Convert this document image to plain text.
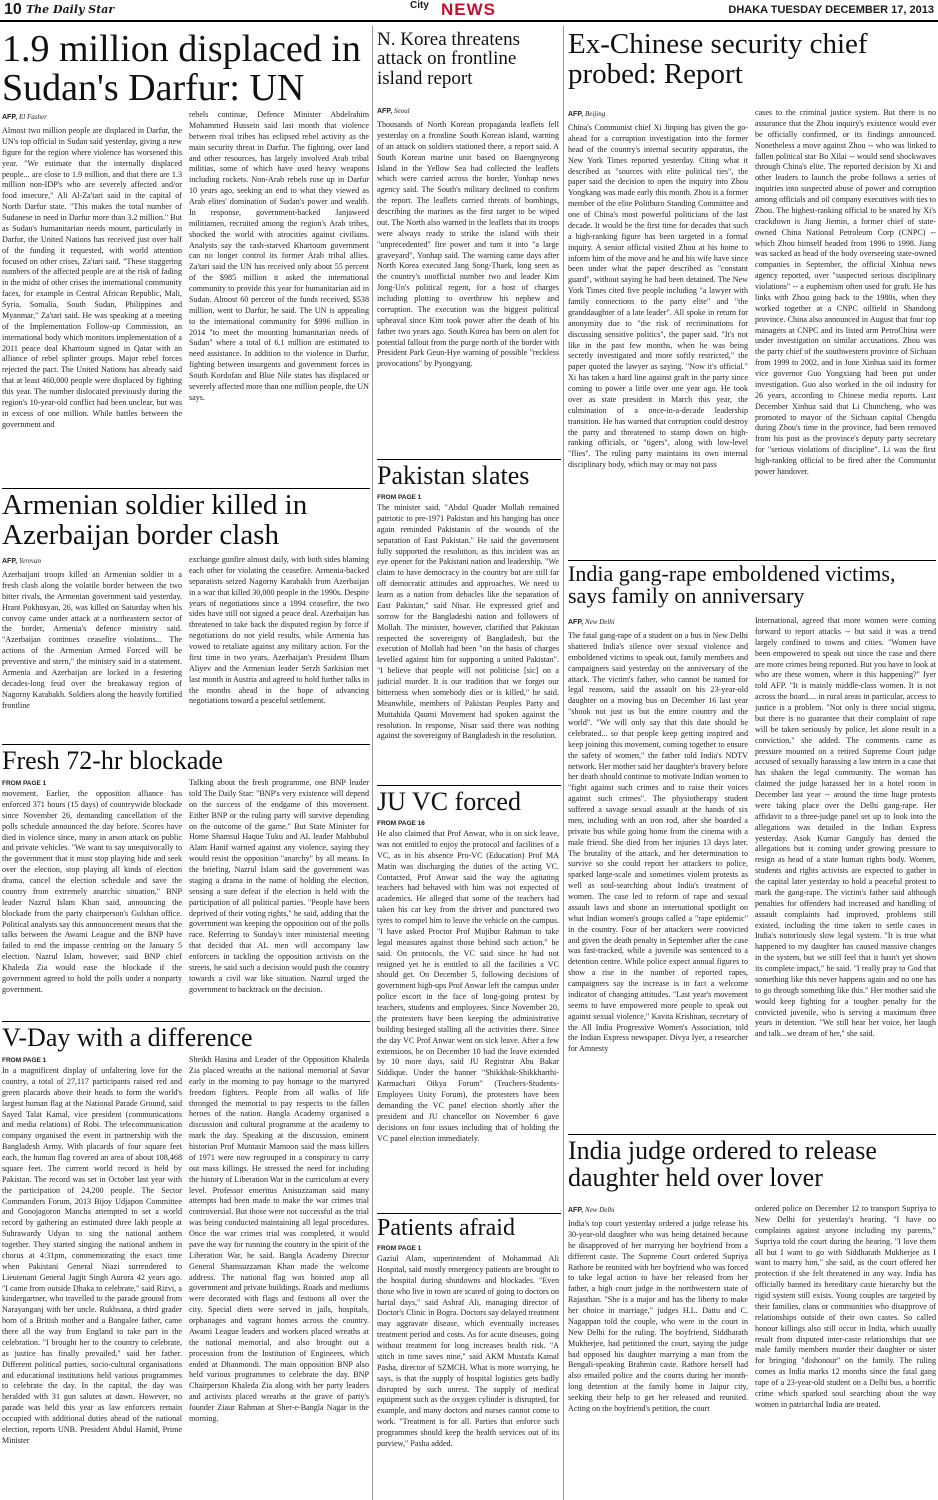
10 The Daily Star	City NEWS	DHAKA TUESDAY DECEMBER 17, 2013
1.9 million displaced in Sudan's Darfur: UN
AFP, El Fasher

Almost two million people are displaced in Darfur, the UN's top official in Sudan said yesterday, giving a new figure for the region where violence has worsened this year. "We estimate that the internally displaced people... are close to 1.9 million, and that there are 1.3 million non-IDP's who are severely affected and/or food insecure," Ali Al-Za'tari said in the capital of North Darfur state. "This makes the total number of Sudanese in need in Darfur more than 3.2 million." But as Sudan's humanitarian needs mount, particularly in Darfur, the United Nations has received just over half of the funding it requested, with world attention focused on other crises, Za'tari said. "These staggering numbers of the affected people are at the risk of fading in the midst of other crises the international community faces, for example in Central African Republic, Mali, Syria, Somalia, South Sudan, Philippines and Myanmar," Za'tari said. He was speaking at a meeting of the Implementation Follow-up Commission, an international body which monitors implementation of a 2011 peace deal Khartoum signed in Qatar with an alliance of rebel splinter groups. Major rebel forces rejected the pact. The United Nations has already said that at least 460,000 people were displaced by fighting this year. The number dislocated previously during the region's 10-year-old conflict had been unclear, but was in excess of one million. While battles between the government and

rebels continue, Defence Minister Abdelrahim Mohammed Hussein said last month that violence between rival tribes has eclipsed rebel activity as the main security threat in Darfur. The fighting, over land and other resources, has largely involved Arab tribal militias, some of which have used heavy weapons including rockets. Non-Arab rebels rose up in Darfur 10 years ago, seeking an end to what they viewed as Arab elites' domination of Sudan's power and wealth. In response, government-backed Janjaweed militiamen, recruited among the region's Arab tribes, shocked the world with atrocities against civilians. Analysts say the cash-starved Khartoum government can no longer control its former Arab tribal allies. Za'tari said the UN has received only about 55 percent of the $985 million it asked the international community to provide this year for humanitarian aid in Sudan. Almost 60 percent of the funds received, $538 million, went to Darfur, he said. The UN is appealing to the international community for $996 million in 2014 "to meet the mounting humanitarian needs of Sudan" where a total of 6.1 million are estimated to need assistance. In addition to the violence in Darfur, fighting between insurgents and government forces in South Kordofan and Blue Nile states has displaced or severely affected more than one million people, the UN says.

Armenian soldier killed in Azerbaijan border clash
AFP, Yerevan

Azerbaijani troops killed an Armenian soldier in a fresh clash along the volatile border between the two bitter rivals, the Armenian government said yesterday. Hrant Pokhosyan, 26, was killed on Saturday when his convoy came under attack at a northeastern sector of the border, Armenia's defence ministry said. "Azerbaijan continues ceasefire violations... The actions of the Armenian Armed Forced will be preventive and stern," the ministry said in a statement. Armenia and Azerbaijan are locked in a festering decades-long feud over the breakaway region of Nagorny Karabakh. Soldiers along the heavily fortified frontline

exchange gunfire almost daily, with both sides blaming each other for violating the ceasefire. Armenia-backed separatists seized Nagorny Karabakh from Azerbaijan in a war that killed 30,000 people in the 1990s. Despite years of negotiations since a 1994 ceasefire, the two sides have still not signed a peace deal. Azerbaijan has threatened to take back the disputed region by force if negotiations do not yield results, while Armenia has vowed to retaliate against any military action. For the first time in two years, Azerbaijan's President Ilham Aliyev and the Armenian leader Serzh Sarkisian met last month in Austria and agreed to hold further talks in the months ahead in the hope of advancing negotiations toward a peaceful settlement.

Fresh 72-hr blockade
FROM PAGE 1

movement. Earlier, the opposition alliance has enforced 371 hours (15 days) of countrywide blockade since November 26, demanding cancellation of the polls schedule announced the day before. Scores have died in violence since, many in arson attack on public and private vehicles. "We want to say unequivocally to the government that it must stop playing hide and seek over the election, stop playing all kinds of election drama, cancel the election schedule and save the country from extremely anarchic situation," BNP leader Nazrul Islam Khan said, announcing the blockade from the party chairperson's Gulshan office. Political analysts say this announcement means that the talks between the Awami League and the BNP have failed to end the impasse centring on the January 5 election. Nazrul Islam, however, said BNP chief Khaleda Zia would ease the blockade if the government agreed to hold the polls under a nonparty government.

Talking about the fresh programme, one BNP leader told The Daily Star: "BNP's very existence will depend on the success of the endgame of this movement. Either BNP or the ruling party will survive depending on the outcome of the game." But State Minister for Home Shamsul Haque Tuku and AL leader Mahbubul Alam Hanif warned against any violence, saying they would resist the opposition "anarchy" by all means. In the briefing, Nazrul Islam said the government was staging a drama in the name of holding the election, sensing a sure defeat if the election is held with the participation of all political parties. "People have been deprived of their voting rights," he said, adding that the government was keeping the opposition out of the polls race. Referring to Sunday's inter ministerial meeting that decided that AL men will accompany law enforcers in tackling the opposition activists on the streets, he said such a decision would push the country towards a civil war like situation. Nazrul urged the government to backtrack on the decision.

V-Day with a difference
FROM PAGE 1

In a magnificent display of unfaltering love for the country, a total of 27,117 participants raised red and green placards above their heads to form the world's largest human flag at the National Parade Ground, said Sayed Talat Kamal, vice president (communications and media relations) of Robi. The telecommunication company organised the event in partnership with the Bangladesh Army. With placards of four square feet each, the human flag covered an area of about 108,468 square feet. The current world record is held by Pakistan. The record was set in October last year with the participation of 24,200 people. The Sector Commanders Forum, 2013 Bijoy Udjapon Committee and Gonojagoron Mancha attempted to set a world record by gathering an estimated three lakh people at Suhrawardy Udyan to sing the national anthem together. They started singing the national anthem in chorus at 4:31pm, commemorating the exact time when Pakistani General Niazi surrendered to Lieutenant General Jagjit Singh Aurora 42 years ago. "I came from outside Dhaka to celebrate," said Rizvi, a kindergartner, who travelled to the parade ground from Narayanganj with her uncle. Rukhsana, a third grader born of a British mother and a Bangalee father, came there all the way from England to take part in the celebration. "I brought her to the country to celebrate, as justice has finally prevailed," said her father. Different political parties, socio-cultural organisations and educational institutions held various programmes to celebrate the day. In the capital, the day was heralded with 31 gun salutes at dawn. However, no parade was held this year as law enforcers remain occupied with additional duties ahead of the national election, reports UNB. President Abdul Hamid, Prime Minister

Sheikh Hasina and Leader of the Opposition Khaleda Zia placed wreaths at the national memorial at Savar early in the morning to pay homage to the martyred freedom fighters. People from all walks of life thronged the memorial to pay respects to the fallen heroes of the nation. Bangla Academy organised a discussion and cultural programme at the academy to mark the day. Speaking at the discussion, eminent historian Prof Muntasir Mamoon said the mass killers of 1971 were now regrouped in a conspiracy to carry out mass killings. He stressed the need for including the history of Liberation War in the curriculum at every level. Professor emeritus Anisuzzaman said many attempts had been made to make the war crimes trial controversial. But those were not successful as the trial was being conducted maintaining all legal procedures. Once the war crimes trial was completed, it would pave the way for running the country in the spirit of the Liberation War, he said. Bangla Academy Director General Shamsuzzaman Khan made the welcome address. The national flag was hoisted atop all government and private buildings. Roads and mediums were decorated with flags and festoons all over the city. Special diets were served in jails, hospitals, orphanages and vagrant homes across the country. Awami League leaders and workers placed wreaths at the national memorial, and also brought out a procession from the Institution of Engineers, which ended at Dhanmondi. The main opposition BNP also held various programmes to celebrate the day. BNP Chairperson Khaleda Zia along with her party leaders and activists placed wreaths at the grave of party's founder Ziaur Rahman at Sher-e-Bangla Nagar in the morning.

N. Korea threatens attack on frontline island report
AFP, Seoul

Thousands of North Korean propaganda leaflets fell yesterday on a frontline South Korean island, warning of an attack on soldiers stationed there, a report said. A South Korean marine unit based on Baengnyeong Island in the Yellow Sea had collected the leaflets which were carried across the border, Yonhap news agency said. The South's military declined to confirm the report. The leaflets carried threats of bombings, describing the marines as the first target to be wiped out. The North also warned in the leaflets that its troops were always ready to strike the island with their "unprecedented" fire power and turn it into "a large graveyard", Yonhap said. The warning came days after North Korea executed Jang Song-Thaek, long seen as the country's unofficial number two and leader Kim Jong-Un's political regent, for a host of charges including plotting to overthrow his nephew and corruption. The execution was the biggest political upheaval since Kim took power after the death of his father two years ago. South Korea has been on alert for potential fallout from the purge north of the border with President Park Geun-Hye warning of possible "reckless provocations" by Pyongyang.

Pakistan slates
FROM PAGE 1

The minister said, "Abdul Quader Mollah remained patriotic to pre-1971 Pakistan and his hanging has once again reminded Pakistanis of the wounds of the separation of East Pakistan." He said the government fully supported the resolution, as this incident was an eye opener for the Pakistani nation and leadership. "We claim to have democracy in the country but are still far off democratic attitudes and approaches. We need to learn as a nation from debacles like the separation of East Pakistan," said Nisar. He expressed grief and sorrow for the Bangladeshi nation and followers of Mollah. The minister, however, clarified that Pakistan respected the sovereignty of Bangladesh, but the execution of Mollah had been "on the basis of charges levelled against him for supporting a united Pakistan". "I believe that people will not politicise [sic] on a judicial murder. It is our tradition that we forget our bitterness when somebody dies or is killed," he said. Meanwhile, members of Pakistan Peoples Party and Muttahida Qaumi Movement had spoken against the resolution. In response, Nisar said there was nothing against the sovereignty of Bangladesh in the resolution.

JU VC forced
FROM PAGE 16

He also claimed that Prof Anwar, who is on sick leave, was not entitled to enjoy the protocol and facilities of a VC, as in his absence Pro-VC (Education) Prof MA Matin was discharging the duties of the acting VC. Contacted, Prof Anwar said the way the agitating teachers had behaved with him was not expected of academics. He alleged that some of the teachers had taken his car key from the driver and punctured two tyres to compel him to leave the vehicle on the campus. "I have asked Proctor Prof Mujibur Rahman to take legal measures against those behind such action," he said. On protocols, the VC said since he had not resigned yet he is entitled to all the facilities a VC should get. On December 5, following decisions of government high-ups Prof Anwar left the campus under police escort in the face of long-going protest by teachers, students and employees. Since November 20, the protesters have been keeping the administrative building besieged stalling all the activities there. Since the day VC Prof Anwar went on sick leave. After a few extensions, he on December 10 had the leave extended by 10 more days, said JU Registrar Abu Bakar Siddique. Under the banner "Shikkhak-Shikkharthi-Karmachari Oikya Forum" (Teachers-Students-Employees Unity Forum), the protesters have been demanding the VC panel election shortly after the president and JU chancellor on November 6 gave decisions on four issues including that of holding the VC panel election immediately.

Patients afraid
FROM PAGE 1

Gaziul Alam, superintendent of Mohammad Ali Hospital, said mostly emergency patients are brought to the hospital during shutdowns and blockades. "Even those who live in town are scared of going to doctors on hartal days," said Ashraf Ali, managing director of Doctor's Clinic in Bogra. Doctors say delayed treatment may aggravate disease, which eventually increases treatment period and costs. As for acute diseases, going without treatment for long increases health risk. "A stitch in time saves nine," said AKM Mustafa Kamal Pasha, director of SZMCH. What is more worrying, he says, is that the supply of hospital logistics gets badly disrupted by such unrest. The supply of medical equipment such as the oxygen cylinder is disrupted, for example, and many doctors and nurses cannot come to work. "Treatment is for all. Parties that enforce such programmes should keep the health services out of its purview," Pasha added.

Ex-Chinese security chief probed: Report
AFP, Beijing

China's Communist chief Xi Jinping has given the go-ahead for a corruption investigation into the former head of the country's internal security apparatus, the New York Times reported yesterday. Citing what it described as "sources with elite political ties", the paper said the decision to open the inquiry into Zhou Yongkang was made early this month. Zhou is a former member of the elite Politburo Standing Committee and one of China's most powerful politicians of the last decade. It would be the first time for decades that such a high-ranking figure has been targeted in a formal inquiry. A senior official visited Zhou at his home to inform him of the move and he and his wife have since been under what the paper described as "constant guard", without saying he had been detained. The New York Times cited five people including "a lawyer with family connections to the party elite" and "the granddaughter of a late leader". All spoke in return for anonymity due to "the risk of recriminations for discussing sensitive politics", the paper said. "It's not like in the past few months, when he was being secretly investigated and more softly restricted," the paper quoted the lawyer as saying. "Now it's official." Xi has taken a hard line against graft in the party since coming to power a little over one year ago. He took over as state president in March this year, the culmination of a once-in-a-decade leadership transition. He has warned that corruption could destroy the party and threatened to stamp down on high-ranking officials, or "tigers", along with low-level "flies". The ruling party maintains its own internal disciplinary body, which may or may not pass

cases to the criminal justice system. But there is no assurance that the Zhou inquiry's existence would ever be officially confirmed, or its findings announced. Nonetheless a move against Zhou -- who was linked to fallen political star Bo Xilai -- would send shockwaves through China's elite. The reported decision by Xi and other leaders to launch the probe follows a series of inquiries into suspected abuse of power and corruption among officials and oil company executives with ties to Zhou. The highest-ranking official to be snared by Xi's crackdown is Jiang Jiemin, a former chief of state-owned China National Petroleum Corp (CNPC) -- which Zhou himself headed from 1996 to 1998. Jiang was sacked as head of the body overseeing state-owned companies in September, the official Xinhua news agency reported, over "suspected serious disciplinary violations" -- a euphemism often used for graft. He has links with Zhou going back to the 1980s, when they worked together at a CNPC oilfield in Shandong province. China also announced in August that four top managers at CNPC and its listed arm PetroChina were under investigation on similar accusations. Zhou was the party chief of the southwestern province of Sichuan from 1999 to 2002, and in June Xinhua said its former vice governor Guo Yongxiang had been put under investigation. Guo also worked in the oil industry for 26 years, according to Chinese media reports. Last December Xinhua said that Li Chuncheng, who was promoted to mayor of the Sichuan capital Chengdu during Zhou's time in the province, had been removed from his post as the province's deputy party secretary for "serious violations of discipline". Li was the first high-ranking official to be fired after the Communist power handover.

India gang-rape emboldened victims, says family on anniversary
AFP, New Delhi

The fatal gang-rape of a student on a bus in New Delhi shattered India's silence over sexual violence and emboldened victims to speak out, family members and campaigners said yesterday on the anniversary of the attack. The victim's father, who cannot be named for legal reasons, said the assault on his 23-year-old daughter on a moving bus on December 16 last year "shook not just us but the entire country and the world". "We will only say that this date should be celebrated... so that people keep getting inspired and keep joining this movement, coming together to ensure the safety of women," the father told India's NDTV network. Her mother said her daughter's bravery before her death should continue to motivate Indian women to "fight against such crimes and to raise their voices against such crimes". The physiotherapy student suffered a savage sexual assault at the hands of six men, including with an iron rod, after she boarded a private bus while going home from the cinema with a male friend. She died from her injuries 13 days later. The brutality of the attack, and her determination to survive so she could report her attackers to police, sparked large-scale and sometimes violent protests as well as soul-searching about India's treatment of women. The case led to reform of rape and sexual assault laws and shone an international spotlight on what Indian women's groups called a "rape epidemic" in the country. Four of her attackers were convicted and given the death penalty in September after the case was fast-tracked, while a juvenile was sentenced to a detention centre. While police expect annual figures to show a rise in the number of reported rapes, campaigners say the increase is in fact a welcome indicator of changing attitudes. "Last year's movement seems to have empowered more people to speak out against sexual violence," Kavita Krishnan, secretary of the All India Progressive Women's Association, told the Indian Express newspaper. Divya Iyer, a researcher for Amnesty

International, agreed that more women were coming forward to report attacks -- but said it was a trend largely confined to towns and cities. "Women have been empowered to speak out since the case and there are more crimes being reported. But you have to look at who are these women, where is this happening?" Iyer told AFP. "It is mainly middle-class women. It is not across the board.... in rural areas in particular, access to justice is a problem. "Not only is there social stigma, but there is no guarantee that their complaint of rape will be taken seriously by police, let alone result in a conviction," she added. The comments came as pressure mounted on a retired Supreme Court judge accused of sexually harassing a law intern in a case that has shaken the legal community. The woman has claimed the judge harassed her in a hotel room in December last year -- around the time huge protests were taking place over the Delhi gang-rape. Her affidavit to a three-judge panel set up to look into the allegations was detailed in the Indian Express yesterday. Asok Kumar Ganguly has denied the allegations but is coming under growing pressure to resign as head of a state human rights body. Women, students and rights activists are expected to gather in the capital later yesterday to hold a peaceful protest to mark the gang-rape. The victim's father said although penalties for offenders had increased and handling of assault complaints had improved, problems still existed, including the time taken to settle cases in India's notoriously slow legal system. "It is true what happened to my daughter has caused massive changes in the system, but we still feel that it hasn't yet shown its complete impact," he said. "I really pray to God that something like this never happens again and no one has to go through something like this." Her mother said she would keep fighting for a tougher penalty for the convicted juvenile, who is serving a maximum three years in detention. "We still hear her voice, her laugh and talk...we dream of her," she said.

India judge ordered to release daughter held over lover
AFP, New Delhi

India's top court yesterday ordered a judge release his 30-year-old daughter who was being detained because he disapproved of her marrying her boyfriend from a different caste. The Supreme Court ordered Supriya Rathore be reunited with her boyfriend who was forced to take legal action to have her released from her father, a high court judge in the northwestern state of Rajasthan. "She is a major and has the liberty to make her choice in marriage," judges H.L. Dattu and C. Nagappan told the couple, who were in the court in New Delhi for the ruling. The boyfriend, Siddharath Mukherjee, had petitioned the court, saying the judge had opposed his daughter marrying a man from the Bengali-speaking Brahmin caste. Rathore herself had also emailed police and the courts during her month-long detention at the family home in Jaipur city, seeking their help to get her released and reunited. Acting on the boyfriend's petition, the court

ordered police on December 12 to transport Supriya to New Delhi for yesterday's hearing. "I have no complaints against anyone including my parents," Supriya told the court during the hearing. "I love them all but I want to go with Siddharath Mukherjee as I want to marry him," she said, as the court offered her protection if she felt threatened in any way. India has officially banned its hereditary caste hierarchy but the rigid system still exists. Young couples are targeted by their families, clans or communities who disapprove of relationships outside of their own castes. So called honour killings also still occur in India, which usually result from disputed inter-caste relationships that see male family members murder their daughter or sister for bringing "dishonour" on the family. The ruling comes as India marks 12 months since the fatal gang rape of a 23-year-old student on a Delhi bus, a horrific crime which sparked soul searching about the way women in patriarchal India are treated.
